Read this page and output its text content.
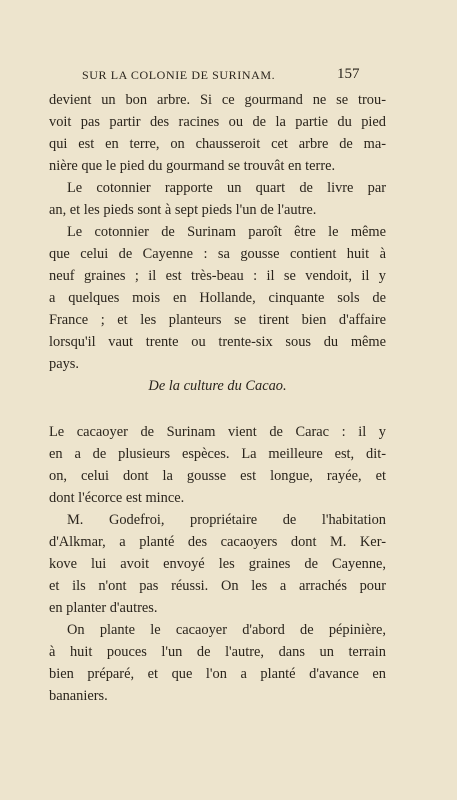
SUR LA COLONIE DE SURINAM.	157
devient un bon arbre. Si ce gourmand ne se trou-
voit pas partir des racines ou de la partie du pied
qui est en terre, on chausseroit cet arbre de ma-
nière que le pied du gourmand se trouvât en terre.
Le cotonnier rapporte un quart de livre par
an, et les pieds sont à sept pieds l'un de l'autre.
Le cotonnier de Surinam paroît être le même
que celui de Cayenne : sa gousse contient huit à
neuf graines ; il est très-beau : il se vendoit, il y
a quelques mois en Hollande, cinquante sols de
France ; et les planteurs se tirent bien d'affaire
lorsqu'il vaut trente ou trente-six sous du même
pays.
De la culture du Cacao.
Le cacaoyer de Surinam vient de Carac : il y
en a de plusieurs espèces. La meilleure est, dit-
on, celui dont la gousse est longue, rayée, et
dont l'écorce est mince.
M. Godefroi, propriétaire de l'habitation
d'Alkmar, a planté des cacaoyers dont M. Ker-
kove lui avoit envoyé les graines de Cayenne,
et ils n'ont pas réussi. On les a arrachés pour
en planter d'autres.
On plante le cacaoyer d'abord de pépinière,
à huit pouces l'un de l'autre, dans un terrain
bien préparé, et que l'on a planté d'avance en
bananiers.
